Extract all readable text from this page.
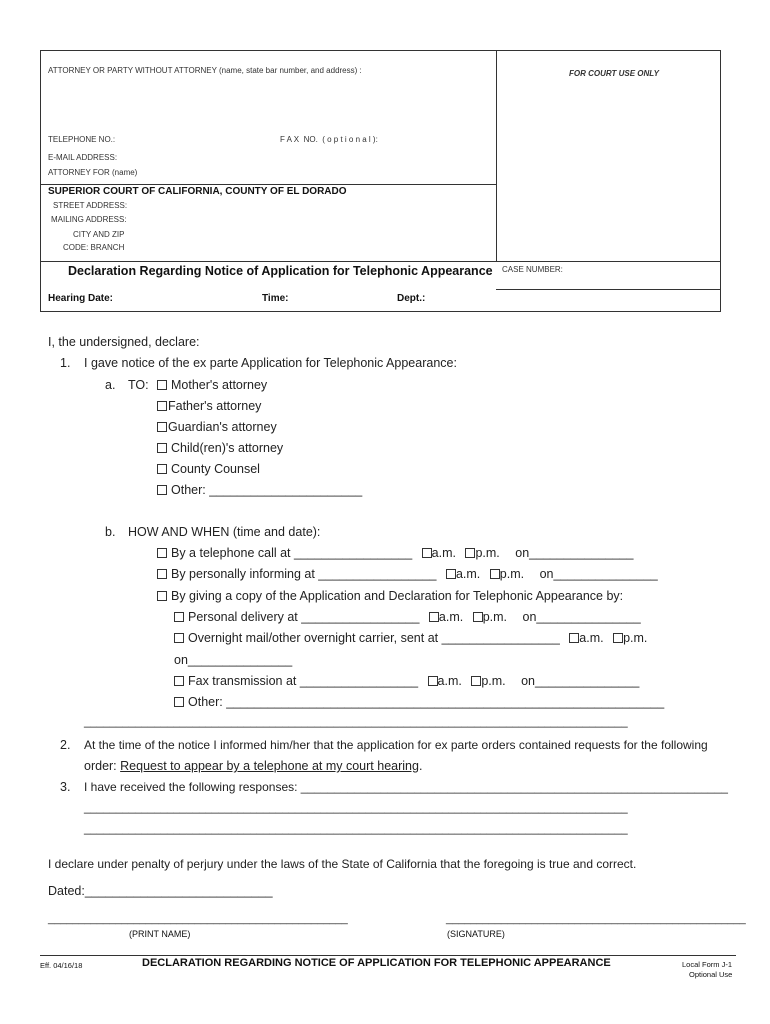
ATTORNEY OR PARTY WITHOUT ATTORNEY (name, state bar number, and address) :	FOR COURT USE ONLY
TELEPHONE NO.:	F A X  NO.  ( o p t i o n a l ):
E-MAIL ADDRESS:
ATTORNEY FOR (name)
SUPERIOR COURT OF CALIFORNIA, COUNTY OF EL DORADO
STREET ADDRESS:
MAILING ADDRESS:
CITY AND ZIP
CODE: BRANCH
Declaration Regarding Notice of Application for Telephonic Appearance CASE NUMBER:
Hearing Date:	Time:	Dept.:
I, the undersigned, declare:
1. I gave notice of the ex parte Application for Telephonic Appearance:
a. TO:	Mother's attorney
Father's attorney
Guardian's attorney
Child(ren)'s attorney
County Counsel
Other: ______________________
b. HOW AND WHEN (time and date):
By a telephone call at _________________ a.m. p.m. on_______________
By personally informing at _________________ a.m. p.m. on_______________
By giving a copy of the Application and Declaration for Telephonic Appearance by:
Personal delivery at _________________ a.m. p.m. on_______________
Overnight mail/other overnight carrier, sent at _________________ a.m. p.m.
on_______________
Fax transmission at _________________ a.m. p.m. on_______________
Other: _______________________________________________________________
_____________________________________________________________________________________
2. At the time of the notice I informed him/her that the application for ex parte orders contained requests for the following
order: Request to appear by a telephone at my court hearing.
3. I have received the following responses: ________________________________________________________________
_____________________________________________________________________________________
_____________________________________________________________________________________
I declare under penalty of perjury under the laws of the State of California that the foregoing is true and correct.
Dated:___________________________
_________________________________________________	_________________________________________________
(PRINT NAME)	(SIGNATURE)
Eff. 04/16/18	DECLARATION REGARDING NOTICE OF APPLICATION FOR TELEPHONIC APPEARANCE	Local Form J-1
Optional Use
